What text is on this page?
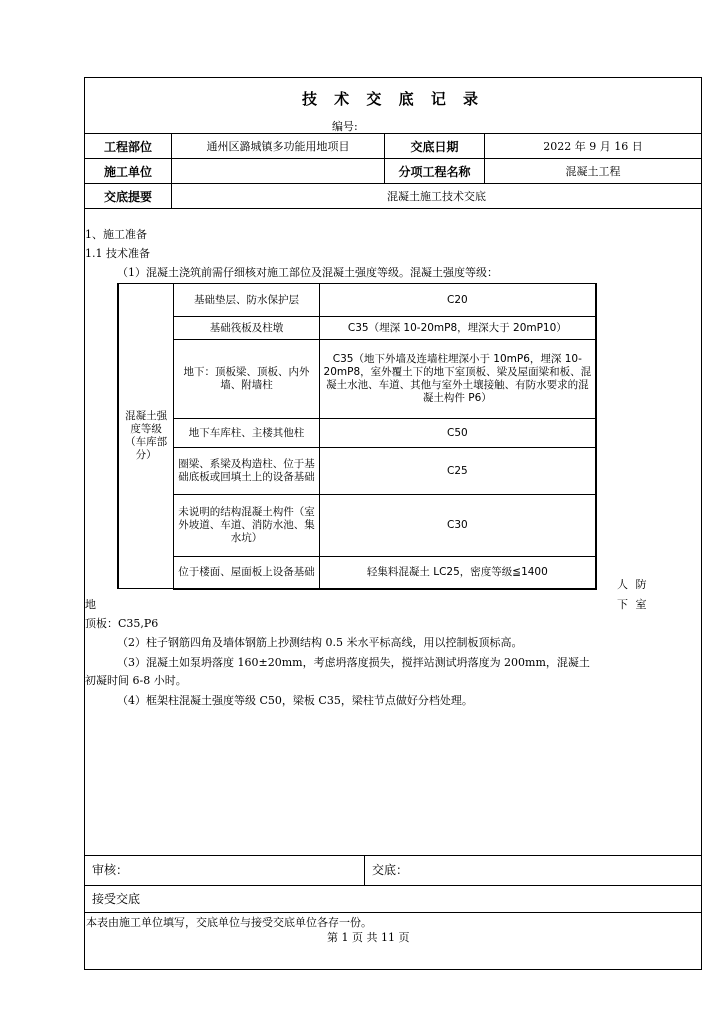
技 术 交 底 记 录
编号:
工程部位	通州区潞城镇多功能用地项目	交底日期	2022 年 9 月 16 日
施工单位		分项工程名称	混凝土工程
交底提要	混凝土施工技术交底		
1、施工准备
1.1 技术准备
（1）混凝土浇筑前需仔细核对施工部位及混凝土强度等级。混凝土强度等级：
混凝土强度等级（车库部分）	基础垫层、防水保护层	C20
	基础筏板及柱墩	C35（埋深 10-20mP8，埋深大于 20mP10）
	地下：顶板梁、顶板、内外墙、附墙柱	C35（地下外墙及连墙柱埋深小于 10mP6，埋深 10-20mP8，室外覆土下的地下室顶板、梁及屋面梁和板、混凝土水池、车道、其他与室外土壤接触、有防水要求的混凝土构件 P6）
	地下车库柱、主楼其他柱	C50
	圈梁、系梁及构造柱、位于基础底板或回填土上的设备基础	C25
	未说明的结构混凝土构件（室外坡道、车道、消防水池、集水坑）	C30
	位于楼面、屋面板上设备基础	轻集料混凝土 LC25，密度等级≦1400
人 防
地	下 室
顶板：C35,P6
（2）柱子钢筋四角及墙体钢筋上抄测结构 0.5 米水平标高线，用以控制板顶标高。
（3）混凝土如泵坍落度 160±20mm，考虑坍落度损失，搅拌站测试坍落度为 200mm，混凝土
初凝时间 6-8 小时。
（4）框架柱混凝土强度等级 C50，梁板 C35，梁柱节点做好分档处理。
审核：	交底：
接受交底
本表由施工单位填写，交底单位与接受交底单位各存一份。
第 1 页 共 11 页
